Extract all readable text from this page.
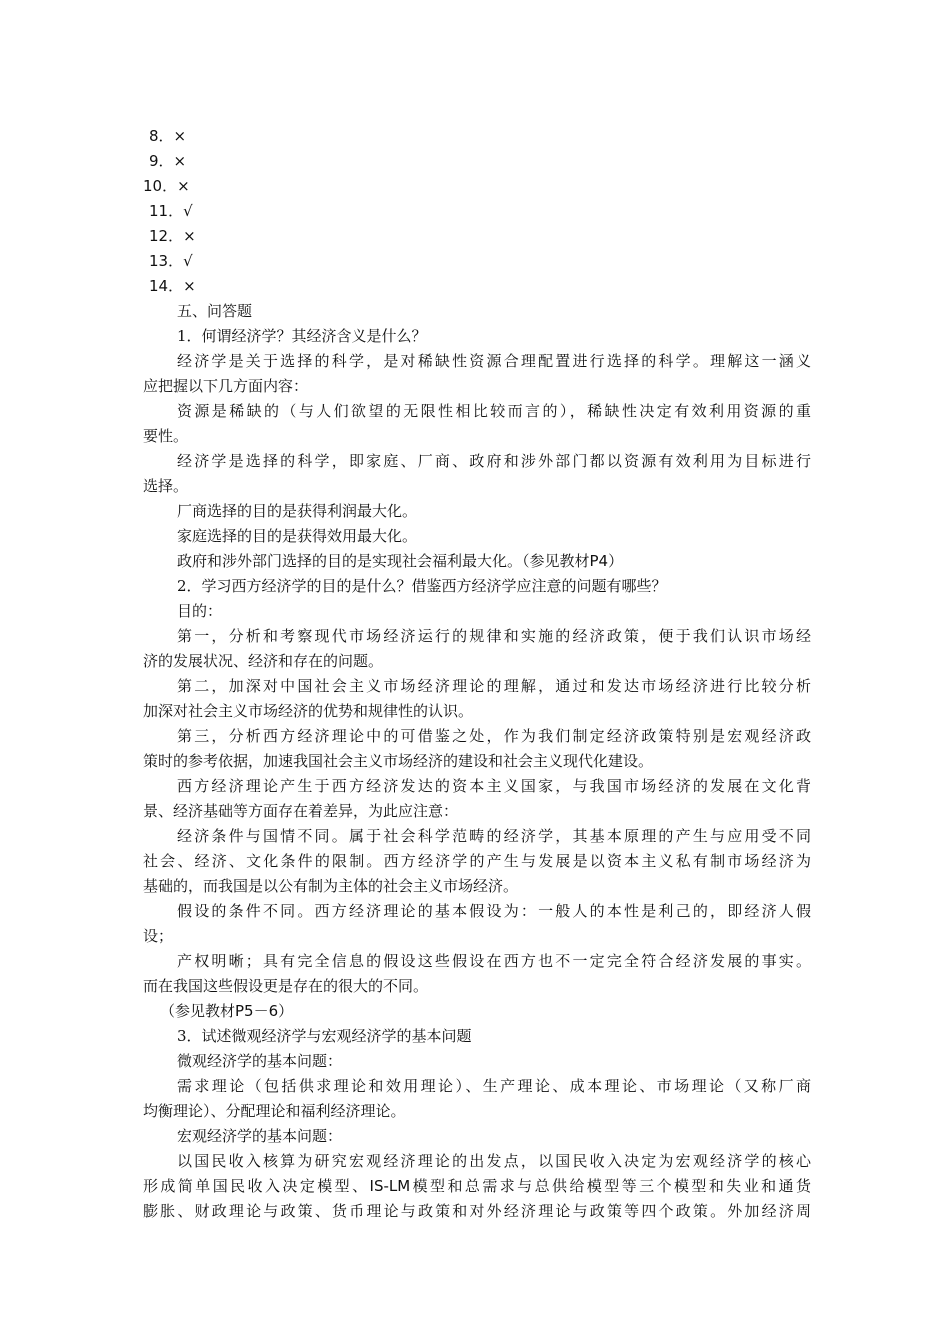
8．×
9．×
10．×
11．√
12．×
13．√
14．×
五、问答题
1．何谓经济学？其经济含义是什么？
经济学是关于选择的科学，是对稀缺性资源合理配置进行选择的科学。理解这一涵义
应把握以下几方面内容：
资源是稀缺的（与人们欲望的无限性相比较而言的），稀缺性决定有效利用资源的重
要性。
经济学是选择的科学，即家庭、厂商、政府和涉外部门都以资源有效利用为目标进行
选择。
厂商选择的目的是获得利润最大化。
家庭选择的目的是获得效用最大化。
政府和涉外部门选择的目的是实现社会福利最大化。（参见教材P4）
2．学习西方经济学的目的是什么？借鉴西方经济学应注意的问题有哪些？
目的：
第一，分析和考察现代市场经济运行的规律和实施的经济政策，便于我们认识市场经
济的发展状况、经济和存在的问题。
第二，加深对中国社会主义市场经济理论的理解，通过和发达市场经济进行比较分析
加深对社会主义市场经济的优势和规律性的认识。
第三，分析西方经济理论中的可借鉴之处，作为我们制定经济政策特别是宏观经济政
策时的参考依据，加速我国社会主义市场经济的建设和社会主义现代化建设。
西方经济理论产生于西方经济发达的资本主义国家，与我国市场经济的发展在文化背
景、经济基础等方面存在着差异，为此应注意：
经济条件与国情不同。属于社会科学范畴的经济学，其基本原理的产生与应用受不同
社会、经济、文化条件的限制。西方经济学的产生与发展是以资本主义私有制市场经济为
基础的，而我国是以公有制为主体的社会主义市场经济。
假设的条件不同。西方经济理论的基本假设为：一般人的本性是利己的，即经济人假
设；
产权明晰；具有完全信息的假设这些假设在西方也不一定完全符合经济发展的事实。
而在我国这些假设更是存在的很大的不同。
（参见教材P5－6）
3．试述微观经济学与宏观经济学的基本问题
微观经济学的基本问题：
需求理论（包括供求理论和效用理论）、生产理论、成本理论、市场理论（又称厂商
均衡理论）、分配理论和福利经济理论。
宏观经济学的基本问题：
以国民收入核算为研究宏观经济理论的出发点，以国民收入决定为宏观经济学的核心
形成简单国民收入决定模型、IS-LM模型和总需求与总供给模型等三个模型和失业和通货
膨胀、财政理论与政策、货币理论与政策和对外经济理论与政策等四个政策。外加经济周
